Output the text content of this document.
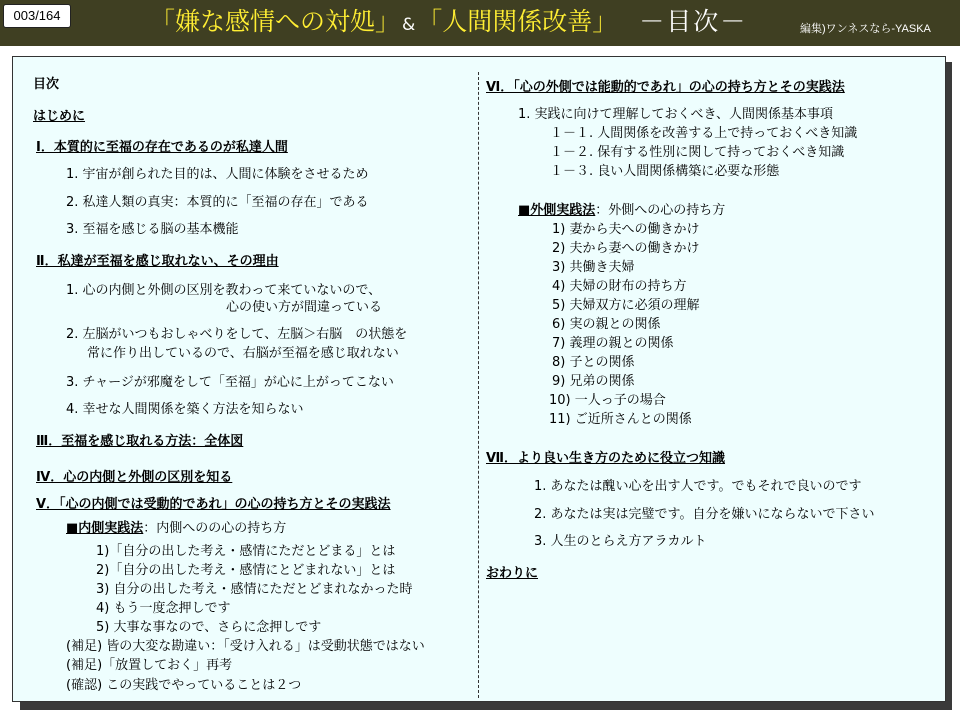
003/164	「嫌な感情への対処」 &「人間関係改善」 －目次－	編集)ワンネスなら-YASKA
目次
はじめに
Ⅰ．本質的に至福の存在であるのが私達人間
1. 宇宙が創られた目的は、人間に体験をさせるため
2. 私達人類の真実：本質的に「至福の存在」である
3. 至福を感じる脳の基本機能
Ⅱ．私達が至福を感じ取れない、その理由
1. 心の内側と外側の区別を教わって来ていないので、
心の使い方が間違っている
2. 左脳がいつもおしゃべりをして、左脳＞右脳　の状態を
常に作り出しているので、右脳が至福を感じ取れない
3. チャージが邪魔をして「至福」が心に上がってこない
4. 幸せな人間関係を築く方法を知らない
Ⅲ．至福を感じ取れる方法：全体図
Ⅳ．心の内側と外側の区別を知る
Ⅴ．「心の内側では受動的であれ」の心の持ち方とその実践法
■内側実践法：内側へのの心の持ち方
1)「自分の出した考え・感情にただとどまる」とは
2)「自分の出した考え・感情にとどまれない」とは
3) 自分の出した考え・感情にただとどまれなかった時
4) もう一度念押しです
5) 大事な事なので、さらに念押しです
(補足) 皆の大変な勘違い：「受け入れる」は受動状態ではない
(補足)「放置しておく」再考
(確認) この実践でやっていることは２つ
Ⅵ．「心の外側では能動的であれ」の心の持ち方とその実践法
1. 実践に向けて理解しておくべき、人間関係基本事項
１－１. 人間関係を改善する上で持っておくべき知識
１－２. 保有する性別に関して持っておくべき知識
１－３. 良い人間関係構築に必要な形態
■外側実践法：外側への心の持ち方
1) 妻から夫への働きかけ
2) 夫から妻への働きかけ
3) 共働き夫婦
4) 夫婦の財布の持ち方
5) 夫婦双方に必須の理解
6) 実の親との関係
7) 義理の親との関係
8) 子との関係
9) 兄弟の関係
10) 一人っ子の場合
11) ご近所さんとの関係
Ⅶ．より良い生き方のために役立つ知識
1. あなたは醜い心を出す人です。でもそれで良いのです
2. あなたは実は完璧です。自分を嫌いにならないで下さい
3. 人生のとらえ方アラカルト
おわりに
